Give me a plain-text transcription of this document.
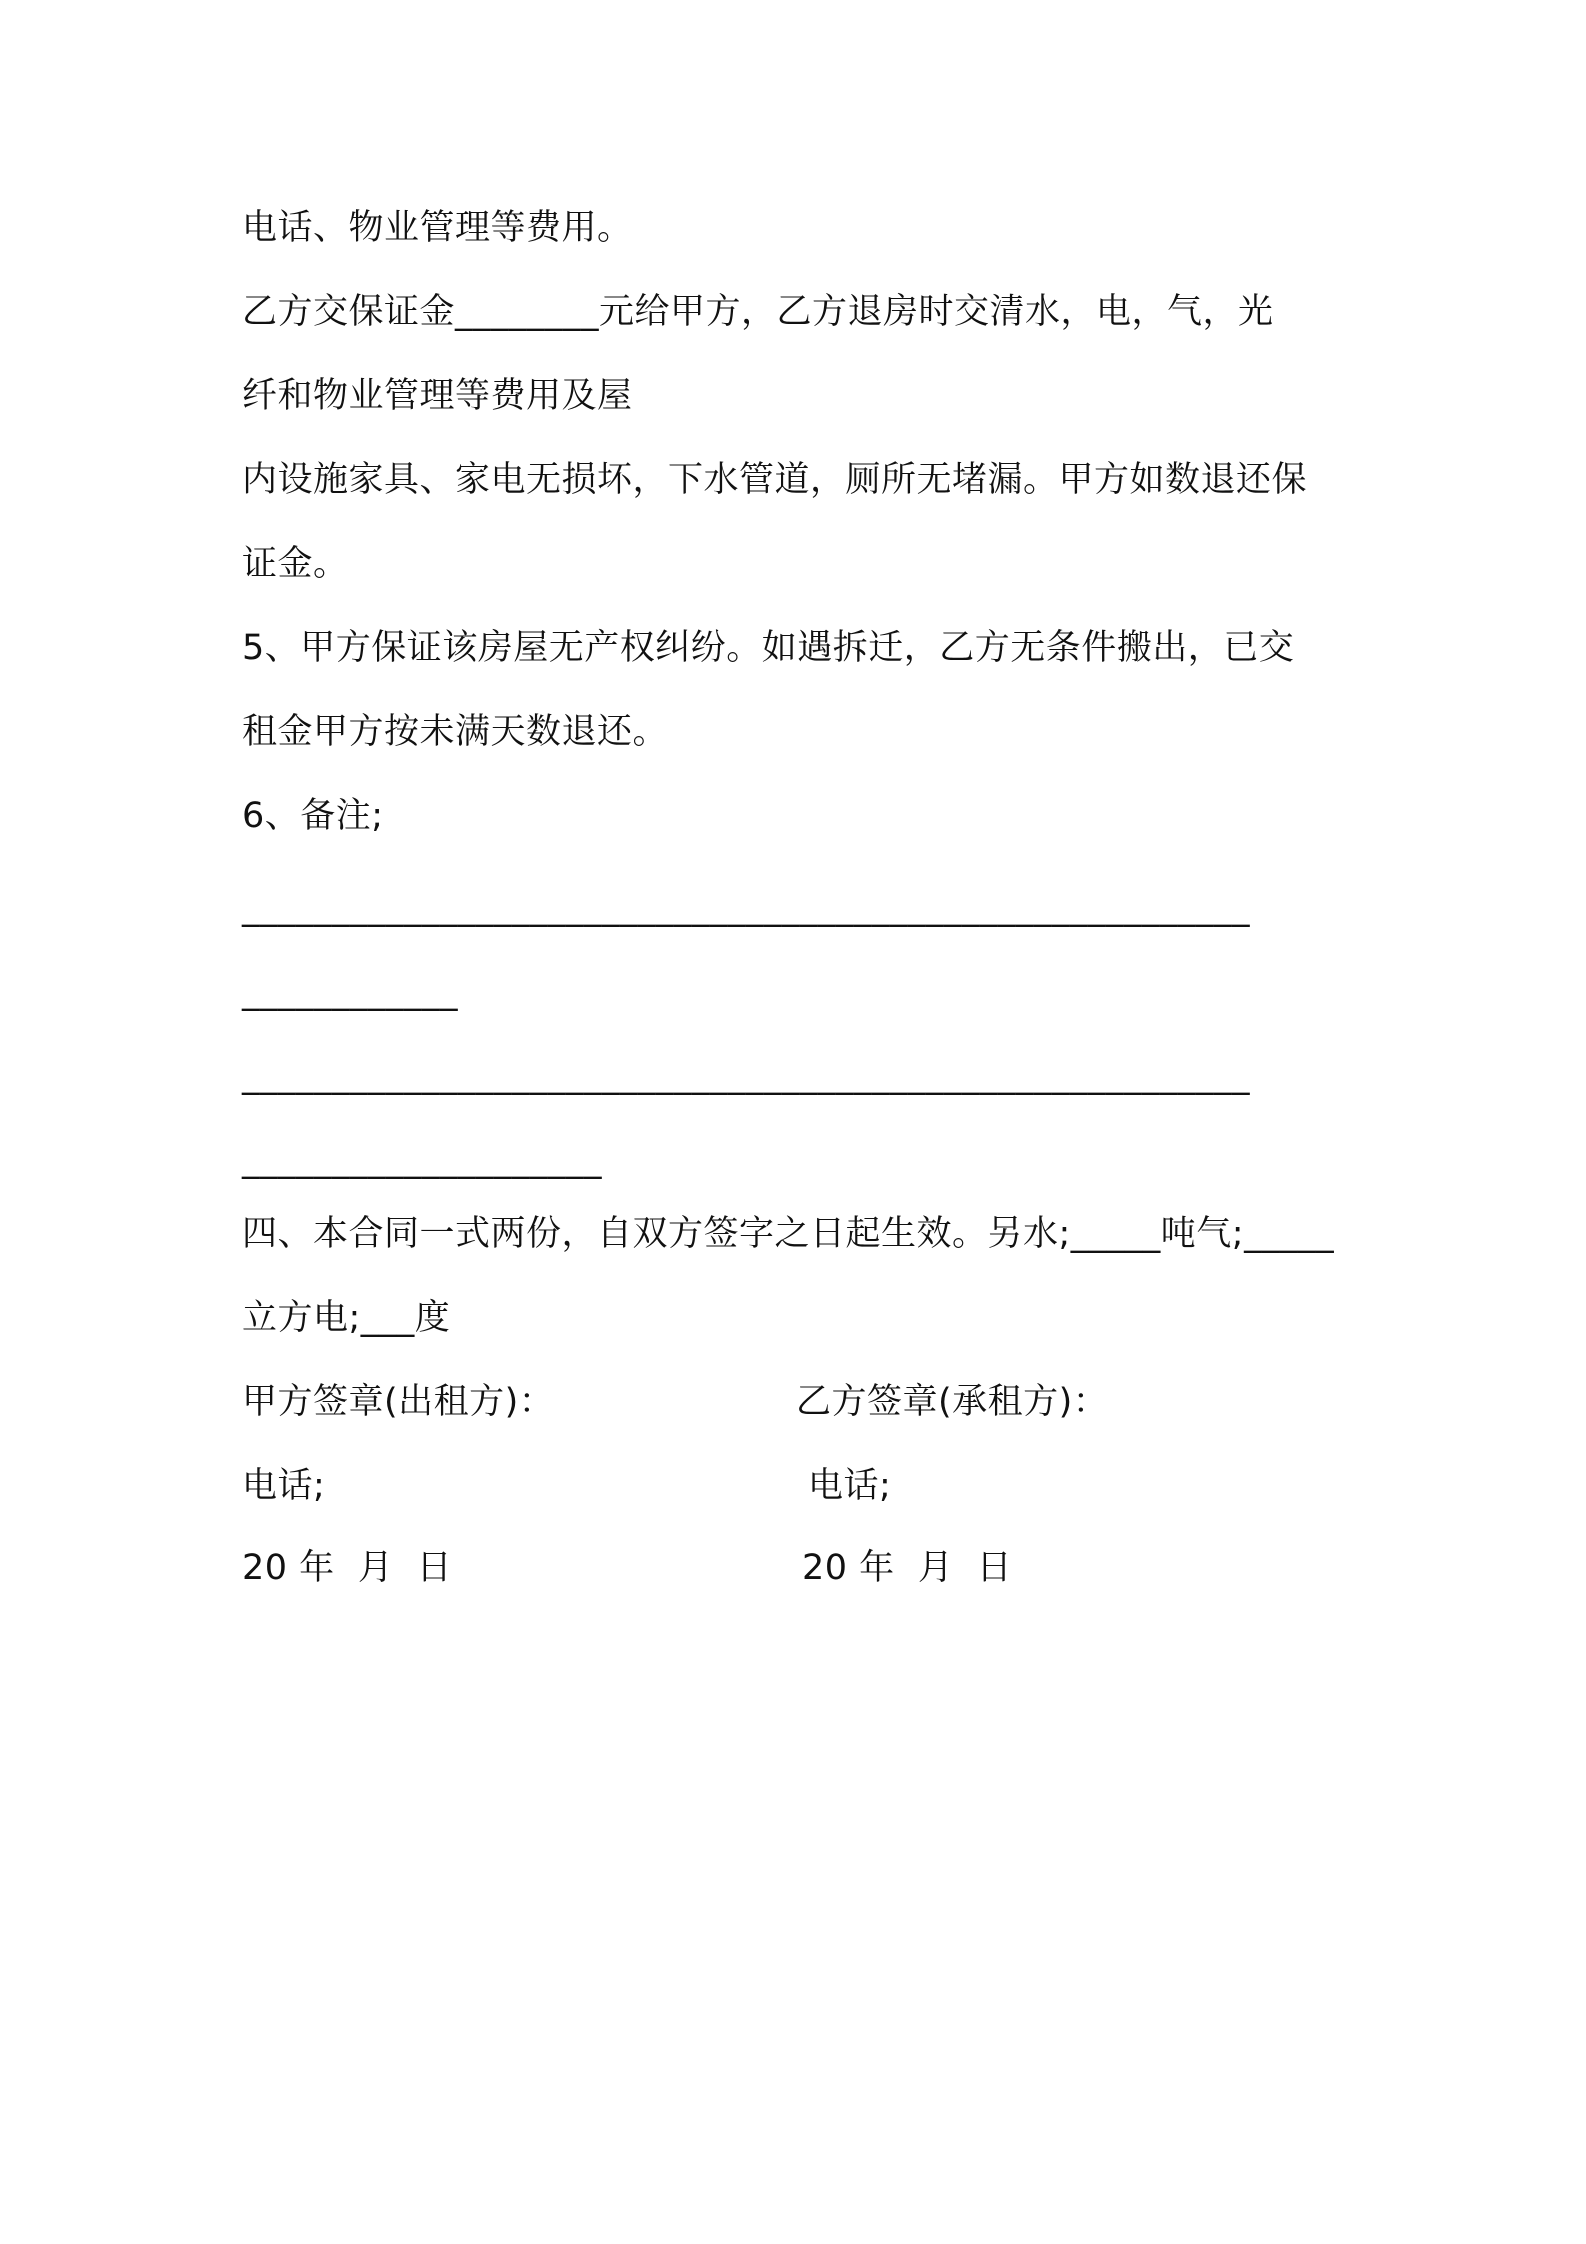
电话、物业管理等费用。
乙方交保证金________元给甲方，乙方退房时交清水，电，气，光
纤和物业管理等费用及屋
内设施家具、家电无损坏，下水管道，厕所无堵漏。甲方如数退还保
证金。
5、甲方保证该房屋无产权纠纷。如遇拆迁，乙方无条件搬出，已交
租金甲方按未满天数退还。
6、备注;
________________________________________________________
____________
________________________________________________________
____________________
四、本合同一式两份，自双方签字之日起生效。另水;_____吨气;_____
立方电;___度
甲方签章(出租方)：	乙方签章(承租方)：
电话;	电话;
20 年  月  日	20 年  月  日
